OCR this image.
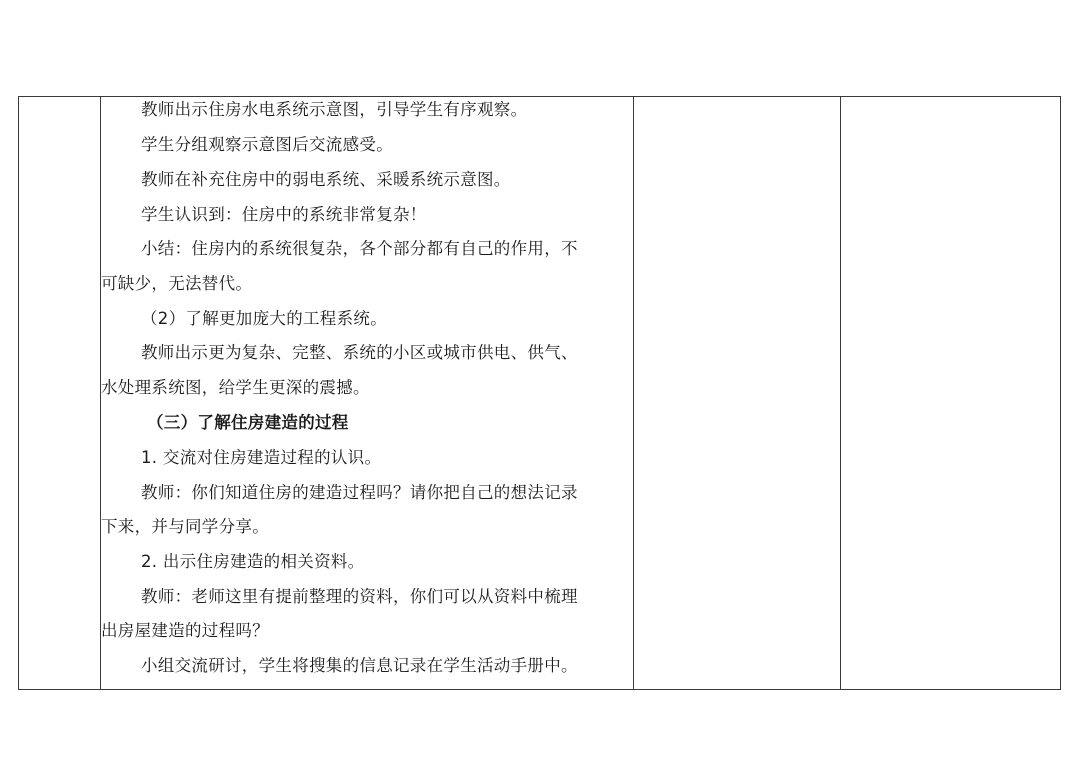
教师出示住房水电系统示意图，引导学生有序观察。
学生分组观察示意图后交流感受。
教师在补充住房中的弱电系统、采暖系统示意图。
学生认识到：住房中的系统非常复杂！
小结：住房内的系统很复杂，各个部分都有自己的作用，不
可缺少，无法替代。
（2）了解更加庞大的工程系统。
教师出示更为复杂、完整、系统的小区或城市供电、供气、
水处理系统图，给学生更深的震撼。
（三）了解住房建造的过程
1. 交流对住房建造过程的认识。
教师：你们知道住房的建造过程吗？请你把自己的想法记录
下来，并与同学分享。
2. 出示住房建造的相关资料。
教师：老师这里有提前整理的资料，你们可以从资料中梳理
出房屋建造的过程吗？
小组交流研讨，学生将搜集的信息记录在学生活动手册中。
